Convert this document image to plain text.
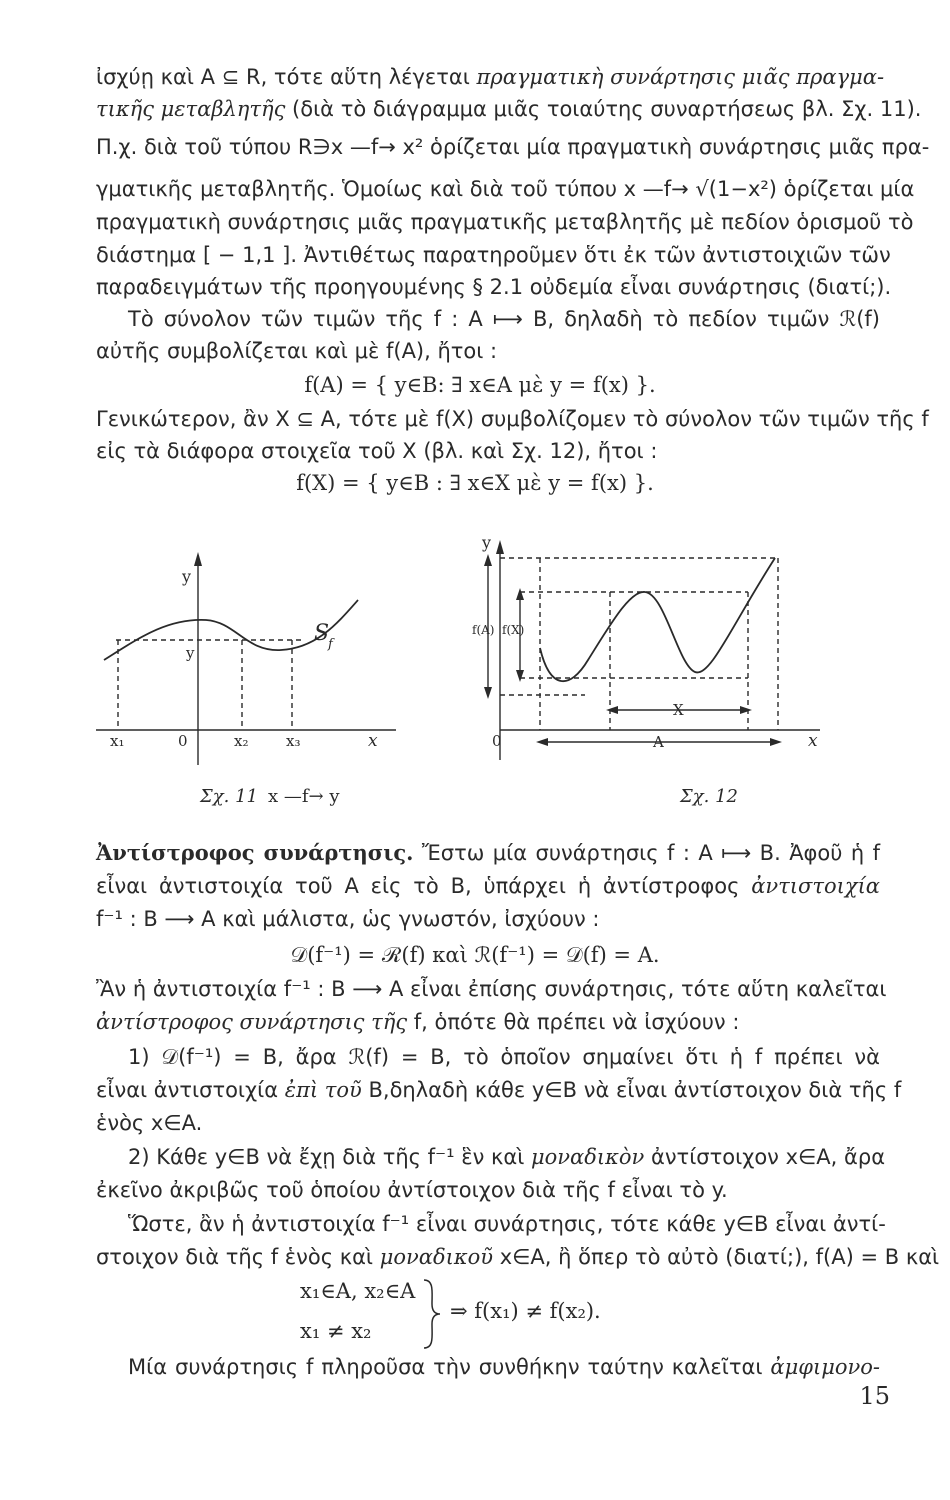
ἰσχύῃ καὶ A ⊆ R, τότε αὕτη λέγεται πραγματικὴ συνάρτησις μιᾶς πραγμα-
τικῆς μεταβλητῆς (διὰ τὸ διάγραμμα μιᾶς τοιαύτης συναρτήσεως βλ. Σχ. 11).
Π.χ. διὰ τοῦ τύπου R∋x —f→ x² ὁρίζεται μία πραγματικὴ συνάρτησις μιᾶς πρα-
γματικῆς μεταβλητῆς. Ὁμοίως καὶ διὰ τοῦ τύπου x —f→ √(1−x²) ὁρίζεται μία
πραγματικὴ συνάρτησις μιᾶς πραγματικῆς μεταβλητῆς μὲ πεδίον ὁρισμοῦ τὸ
διάστημα [ − 1,1 ]. Ἀντιθέτως παρατηροῦμεν ὅτι ἐκ τῶν ἀντιστοιχιῶν τῶν
παραδειγμάτων τῆς προηγουμένης § 2.1 οὐδεμία εἶναι συνάρτησις (διατί;).
Τὸ σύνολον τῶν τιμῶν τῆς f : A ⟼ B, δηλαδὴ τὸ πεδίον τιμῶν ℛ(f)
αὐτῆς συμβολίζεται καὶ μὲ f(A), ἤτοι :
f(A) = { y∈B: ∃ x∈A μὲ y = f(x) }.
Γενικώτερον, ἂν X ⊆ A, τότε μὲ f(X) συμβολίζομεν τὸ σύνολον τῶν τιμῶν τῆς f
εἰς τὰ διάφορα στοιχεῖα τοῦ X (βλ. καὶ Σχ. 12), ἤτοι :
f(X) = { y∈B : ∃ x∈X μὲ y = f(x) }.
y
y
S
f
x
0
x₁	x₂	x₃
Σχ. 11 x —f→ y
y
f(A) f(X)
x
0
X
A
Σχ. 12
Ἀντίστροφος συνάρτησις. Ἔστω μία συνάρτησις f : A ⟼ B. Ἀφοῦ ἡ f
εἶναι ἀντιστοιχία τοῦ A εἰς τὸ B, ὑπάρχει ἡ ἀντίστροφος ἀντιστοιχία
f⁻¹ : B ⟶ A καὶ μάλιστα, ὡς γνωστόν, ἰσχύουν :
𝒟(f⁻¹) = ℛ(f) καὶ ℛ(f⁻¹) = 𝒟(f) = A.
Ἂν ἡ ἀντιστοιχία f⁻¹ : B ⟶ A εἶναι ἐπίσης συνάρτησις, τότε αὕτη καλεῖται
ἀντίστροφος συνάρτησις τῆς f, ὁπότε θὰ πρέπει νὰ ἰσχύουν :
1) 𝒟(f⁻¹) = B, ἄρα ℛ(f) = B, τὸ ὁποῖον σημαίνει ὅτι ἡ f πρέπει νὰ
εἶναι ἀντιστοιχία ἐπὶ τοῦ B,δηλαδὴ κάθε y∈B νὰ εἶναι ἀντίστοιχον διὰ τῆς f
ἑνὸς x∈A.
2) Κάθε y∈B νὰ ἔχῃ διὰ τῆς f⁻¹ ἓν καὶ μοναδικὸν ἀντίστοιχον x∈A, ἄρα
ἐκεῖνο ἀκριβῶς τοῦ ὁποίου ἀντίστοιχον διὰ τῆς f εἶναι τὸ y.
Ὥστε, ἂν ἡ ἀντιστοιχία f⁻¹ εἶναι συνάρτησις, τότε κάθε y∈B εἶναι ἀντί-
στοιχον διὰ τῆς f ἑνὸς καὶ μοναδικοῦ x∈A, ἢ ὅπερ τὸ αὐτὸ (διατί;), f(A) = B καὶ
x₁∈A, x₂∈A
x₁ ≠ x₂
⇒ f(x₁) ≠ f(x₂).
Μία συνάρτησις f πληροῦσα τὴν συνθήκην ταύτην καλεῖται ἀμφιμονο-
15
